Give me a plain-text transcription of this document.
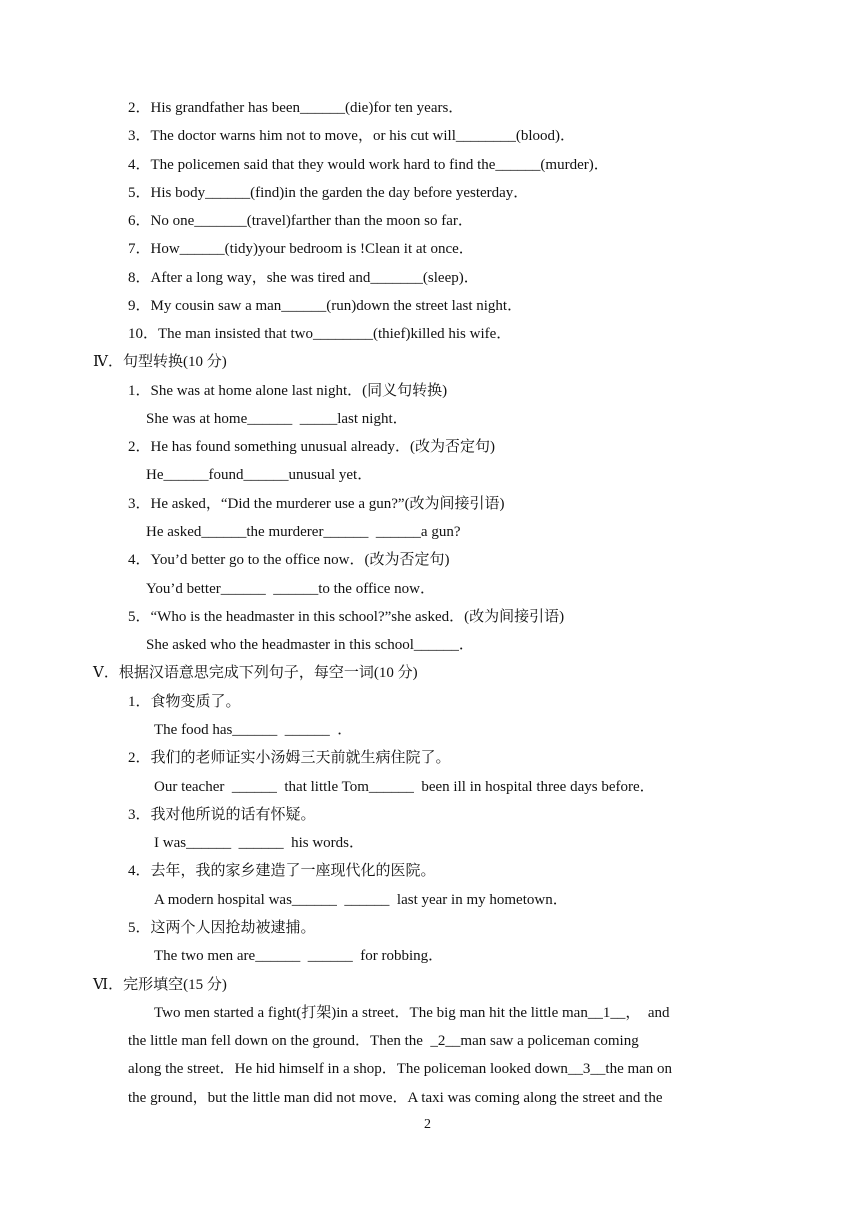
2
2．His grandfather has been______(die)for ten years．
3．The doctor warns him not to move，or his cut will________(blood)．
4．The policemen said that they would work hard to find the______(murder)．
5．His body______(find)in the garden the day before yesterday．
6．No one_______(travel)farther than the moon so far．
7．How______(tidy)your bedroom is !Clean it at once．
8．After a long way，she was tired and_______(sleep)．
9．My cousin saw a man______(run)down the street last night．
10．The man insisted that two________(thief)killed his wife．
Ⅳ．句型转换(10 分)
1．She was at home alone last night．(同义句转换)
She was at home______  _____last night．
2．He has found something unusual already．(改为否定句)
He______found______unusual yet．
3．He asked，“Did the murderer use a gun?”(改为间接引语)
He asked______the murderer______  ______a gun?
4．You’d better go to the office now．(改为否定句)
You’d better______  ______to the office now．
5．“Who is the headmaster in this school?”she asked．(改为间接引语)
She asked who the headmaster in this school______．
Ⅴ．根据汉语意思完成下列句子，每空一词(10 分)
1．食物变质了。
The food has______  ______  ．
2．我们的老师证实小汤姆三天前就生病住院了。
Our teacher  ______  that little Tom______  been ill in hospital three days before．
3．我对他所说的话有怀疑。
I was______  ______  his words．
4．去年，我的家乡建造了一座现代化的医院。
A modern hospital was______  ______  last year in my hometown．
5．这两个人因抢劫被逮捕。
The two men are______  ______  for robbing．
Ⅵ．完形填空(15 分)
Two men started a fight(打架)in a street．The big man hit the little man__1__，  and
the little man fell down on the ground．Then the  _2__man saw a policeman coming
along the street．He hid himself in a shop．The policeman looked down__3__the man on
the ground，but the little man did not move．A taxi was coming along the street and the
